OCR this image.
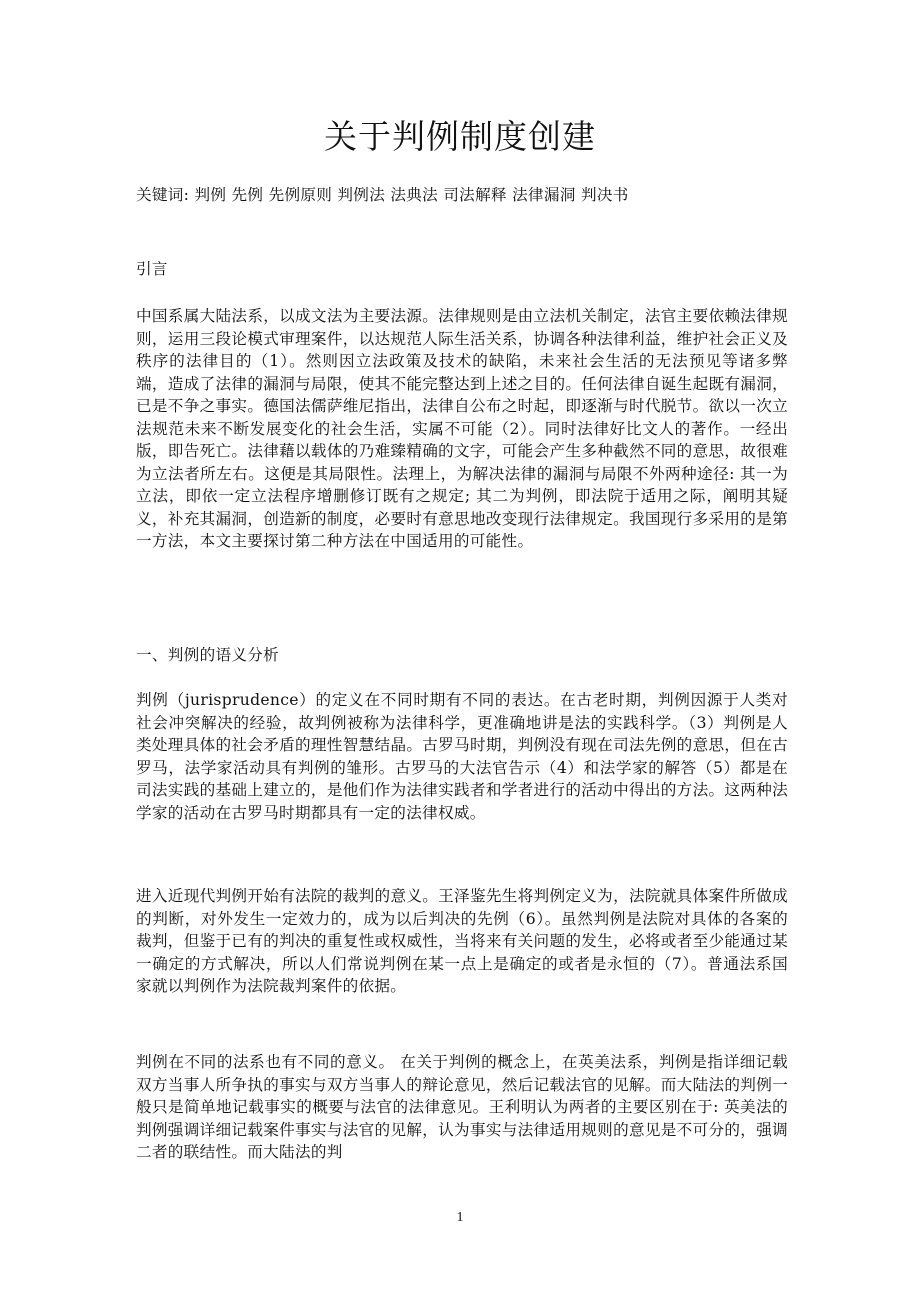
关于判例制度创建

关键词: 判例 先例 先例原则 判例法 法典法 司法解释 法律漏洞 判决书

引言

中国系属大陆法系，以成文法为主要法源。法律规则是由立法机关制定，法官主要依赖法律规则，运用三段论模式审理案件，以达规范人际生活关系，协调各种法律利益，维护社会正义及秩序的法律目的（1）。然则因立法政策及技术的缺陷，未来社会生活的无法预见等诸多弊端，造成了法律的漏洞与局限，使其不能完整达到上述之目的。任何法律自诞生起既有漏洞，已是不争之事实。德国法儒萨维尼指出，法律自公布之时起，即逐渐与时代脱节。欲以一次立法规范未来不断发展变化的社会生活，实属不可能（2）。同时法律好比文人的著作。一经出版，即告死亡。法律藉以载体的乃难臻精确的文字，可能会产生多种截然不同的意思，故很难为立法者所左右。这便是其局限性。法理上，为解决法律的漏洞与局限不外两种途径: 其一为立法，即依一定立法程序增删修订既有之规定; 其二为判例，即法院于适用之际，阐明其疑义，补充其漏洞，创造新的制度，必要时有意思地改变现行法律规定。我国现行多采用的是第一方法，本文主要探讨第二种方法在中国适用的可能性。

一、判例的语义分析

判例（jurisprudence）的定义在不同时期有不同的表达。在古老时期，判例因源于人类对社会冲突解决的经验，故判例被称为法律科学，更准确地讲是法的实践科学。（3）判例是人类处理具体的社会矛盾的理性智慧结晶。古罗马时期，判例没有现在司法先例的意思，但在古罗马，法学家活动具有判例的雏形。古罗马的大法官告示（4）和法学家的解答（5）都是在司法实践的基础上建立的，是他们作为法律实践者和学者进行的活动中得出的方法。这两种法学家的活动在古罗马时期都具有一定的法律权威。

进入近现代判例开始有法院的裁判的意义。王泽鉴先生将判例定义为，法院就具体案件所做成的判断，对外发生一定效力的，成为以后判决的先例（6）。虽然判例是法院对具体的各案的裁判，但鉴于已有的判决的重复性或权威性，当将来有关问题的发生，必将或者至少能通过某一确定的方式解决，所以人们常说判例在某一点上是确定的或者是永恒的（7）。普通法系国家就以判例作为法院裁判案件的依据。

判例在不同的法系也有不同的意义。 在关于判例的概念上，在英美法系，判例是指详细记载双方当事人所争执的事实与双方当事人的辩论意见，然后记载法官的见解。而大陆法的判例一般只是简单地记载事实的概要与法官的法律意见。王利明认为两者的主要区别在于: 英美法的判例强调详细记载案件事实与法官的见解，认为事实与法律适用规则的意见是不可分的，强调二者的联结性。而大陆法的判

1
